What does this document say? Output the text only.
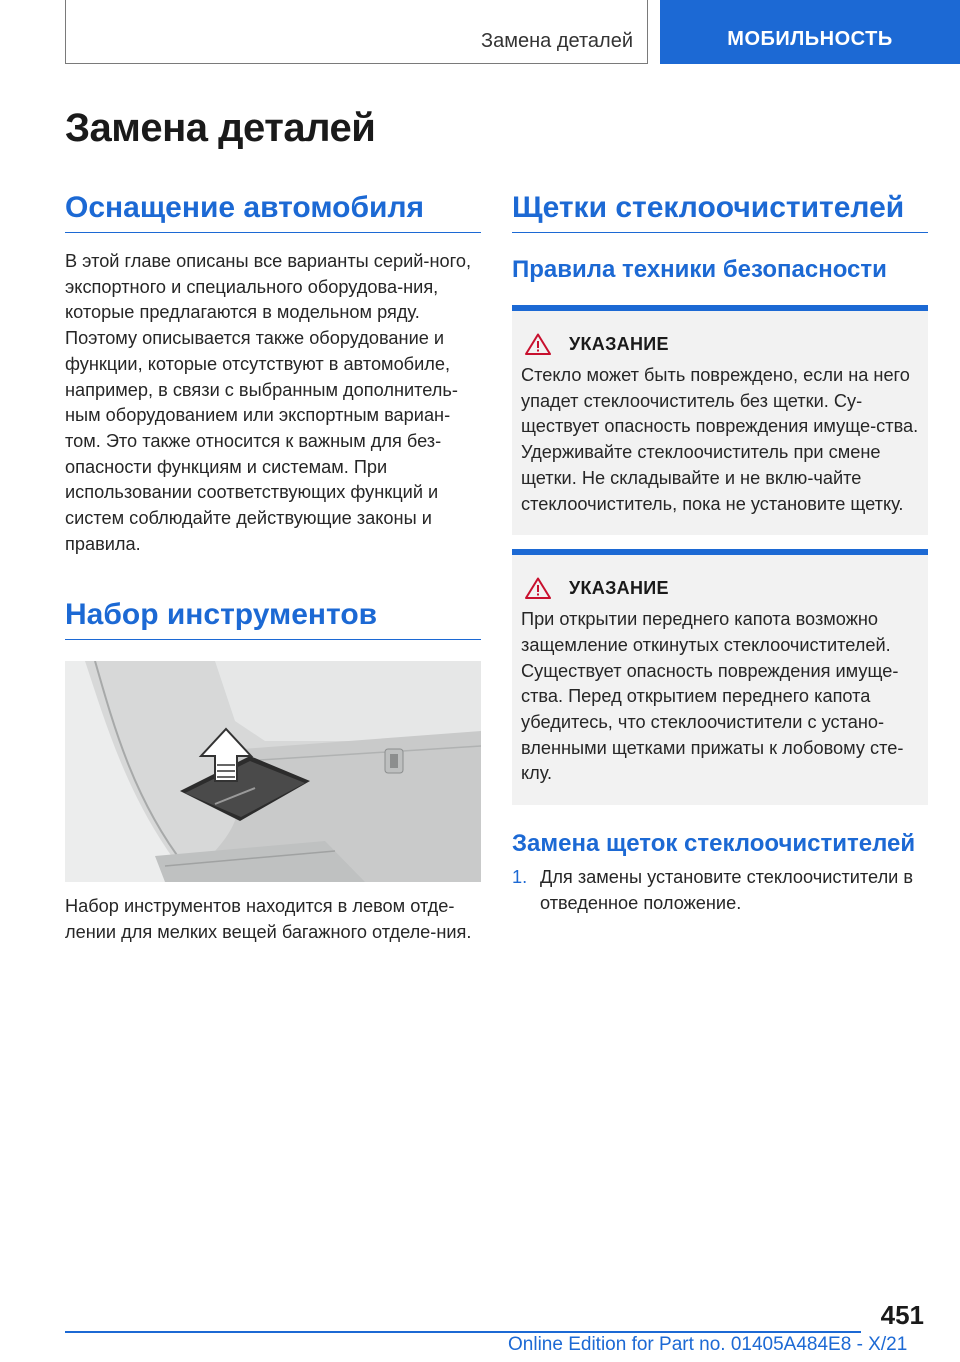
Замена деталей	МОБИЛЬНОСТЬ
Замена деталей
Оснащение автомобиля

В этой главе описаны все варианты серий-ного, экспортного и специального оборудова-ния, которые предлагаются в модельном ряду. Поэтому описывается также оборудование и функции, которые отсутствуют в автомобиле, например, в связи с выбранным дополнитель-ным оборудованием или экспортным вариан-том. Это также относится к важным для без-опасности функциям и системам. При использовании соответствующих функций и систем соблюдайте действующие законы и правила.

Набор инструментов

Набор инструментов находится в левом отде-лении для мелких вещей багажного отделе-ния.

Щетки стеклоочистителей
Правила техники безопасности
УКАЗАНИЕ

Стекло может быть повреждено, если на него упадет стеклоочиститель без щетки. Су-ществует опасность повреждения имуще-ства. Удерживайте стеклоочиститель при смене щетки. Не складывайте и не вклю-чайте стеклоочиститель, пока не установите щетку.

УКАЗАНИЕ

При открытии переднего капота возможно защемление откинутых стеклоочистителей. Существует опасность повреждения имуще-ства. Перед открытием переднего капота убедитесь, что стеклоочистители с устано-вленными щетками прижаты к лобовому сте-клу.

Замена щеток стеклоочистителей
1. Для замены установите стеклоочистители в отведенное положение.
451
Online Edition for Part no. 01405A484E8 - X/21
